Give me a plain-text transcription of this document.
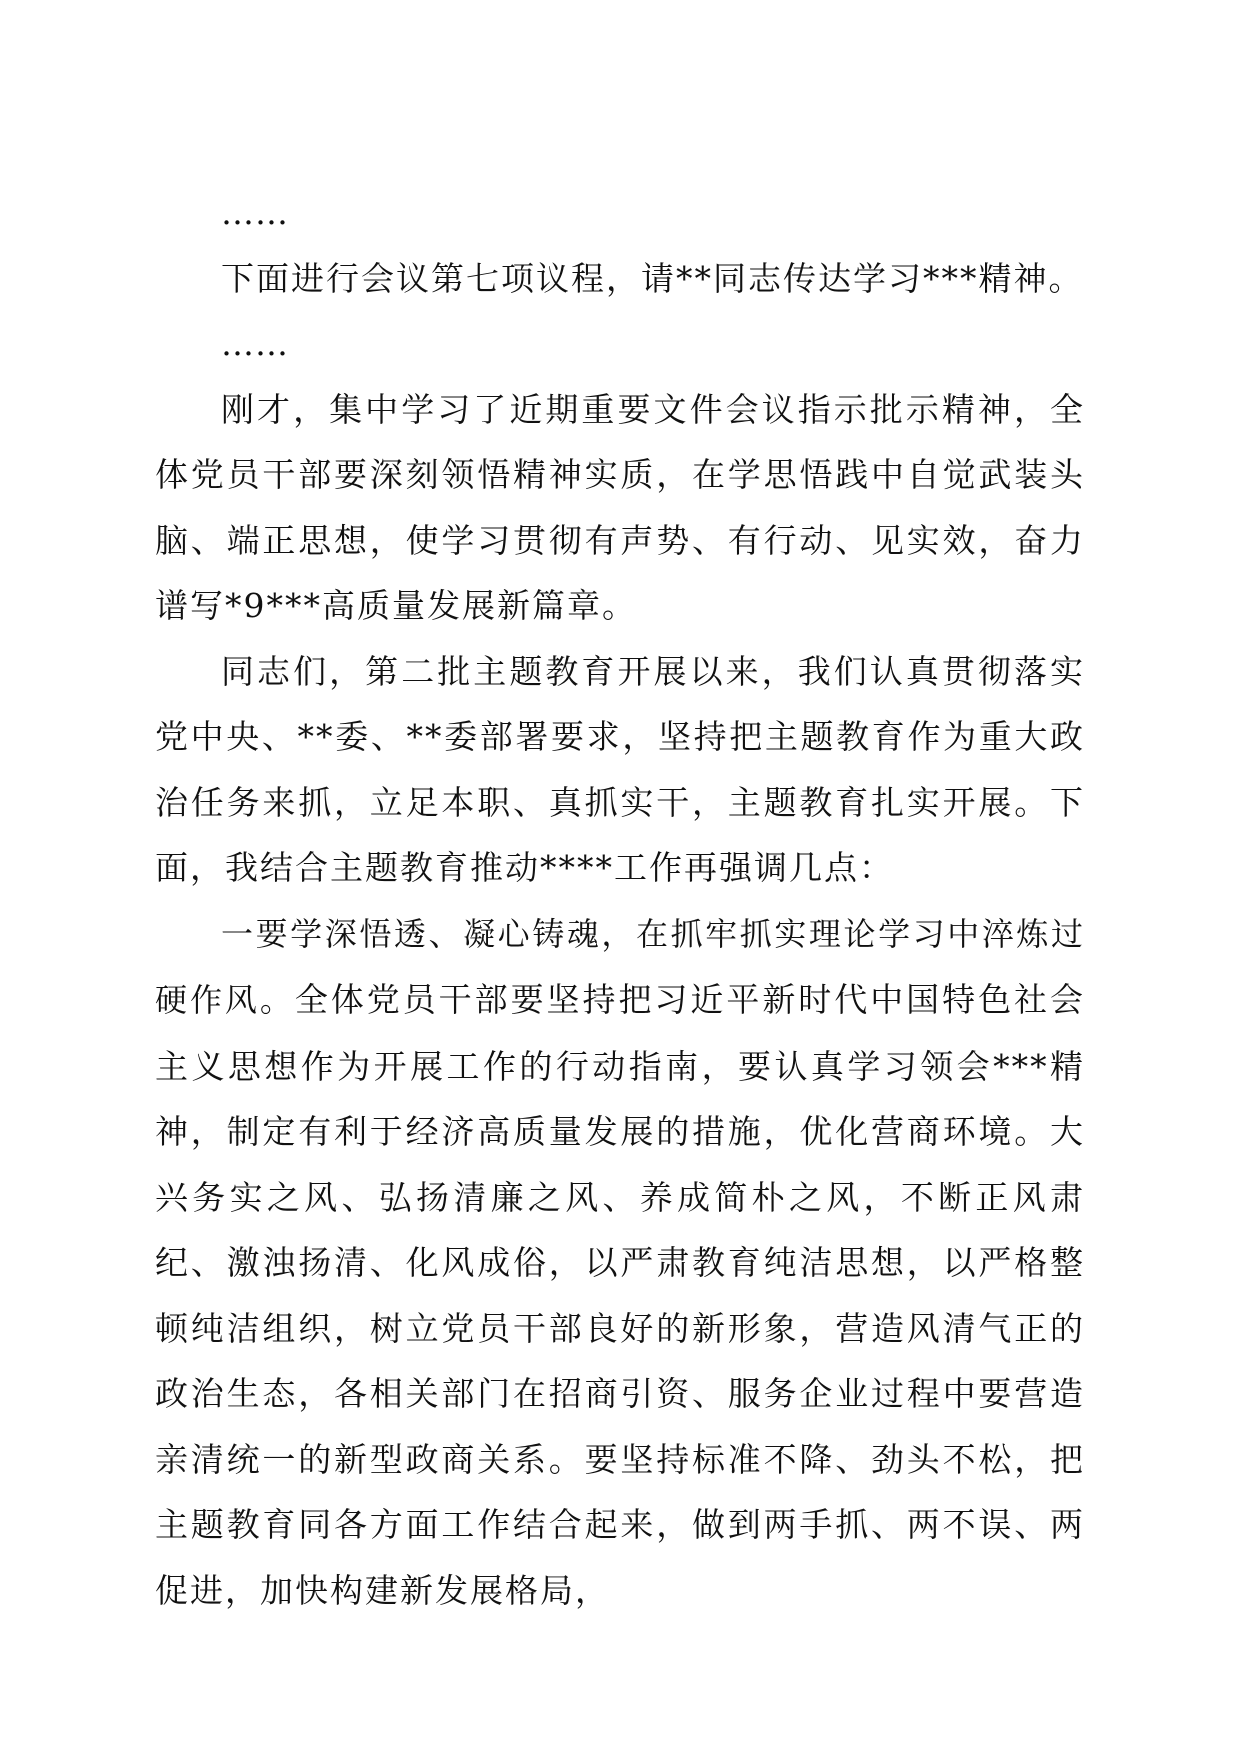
……

下面进行会议第七项议程，请**同志传达学习***精神。

……

刚才，集中学习了近期重要文件会议指示批示精神，全体党员干部要深刻领悟精神实质，在学思悟践中自觉武装头脑、端正思想，使学习贯彻有声势、有行动、见实效，奋力谱写*9***高质量发展新篇章。

同志们，第二批主题教育开展以来，我们认真贯彻落实党中央、**委、**委部署要求，坚持把主题教育作为重大政治任务来抓，立足本职、真抓实干，主题教育扎实开展。下面，我结合主题教育推动****工作再强调几点：

一要学深悟透、凝心铸魂，在抓牢抓实理论学习中淬炼过硬作风。全体党员干部要坚持把习近平新时代中国特色社会主义思想作为开展工作的行动指南，要认真学习领会***精神，制定有利于经济高质量发展的措施，优化营商环境。大兴务实之风、弘扬清廉之风、养成简朴之风，不断正风肃纪、激浊扬清、化风成俗，以严肃教育纯洁思想，以严格整顿纯洁组织，树立党员干部良好的新形象，营造风清气正的政治生态，各相关部门在招商引资、服务企业过程中要营造亲清统一的新型政商关系。要坚持标准不降、劲头不松，把主题教育同各方面工作结合起来，做到两手抓、两不误、两促进，加快构建新发展格局，
